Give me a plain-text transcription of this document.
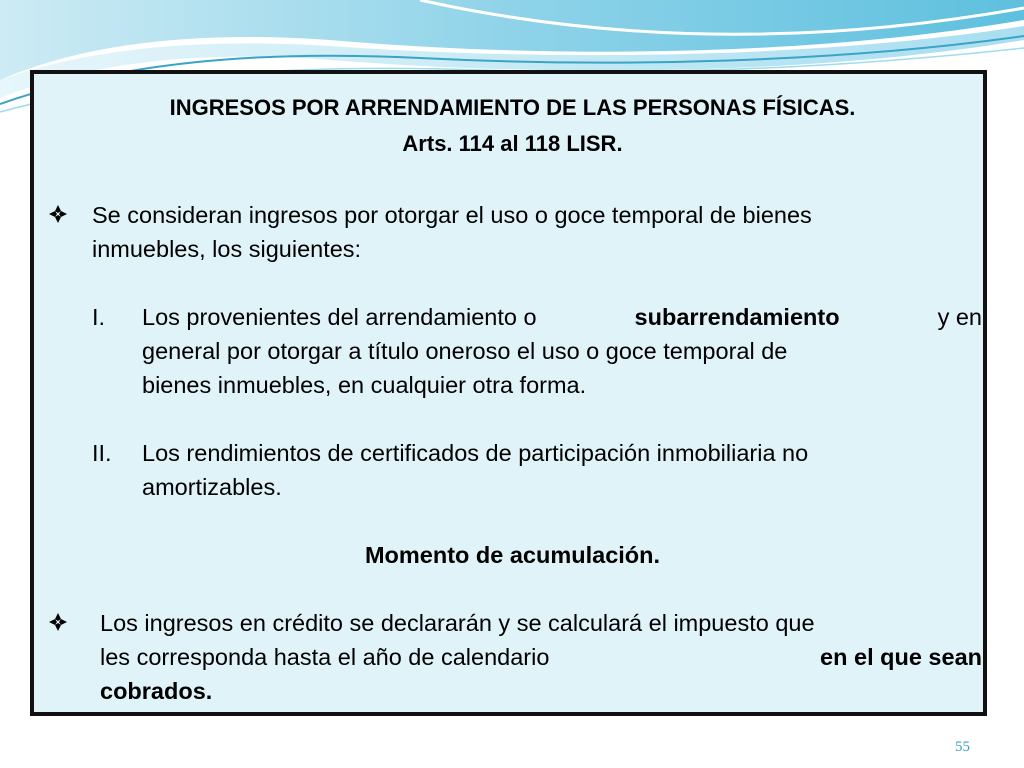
INGRESOS POR ARRENDAMIENTO DE LAS PERSONAS FÍSICAS.
Arts. 114 al 118 LISR.
Se consideran ingresos por otorgar el uso o goce temporal de bienes
inmuebles, los siguientes:
I. Los provenientes del arrendamiento o	subarrendamiento	y en
general por otorgar a título oneroso el uso o goce temporal de
bienes inmuebles, en cualquier otra forma.
II. Los rendimientos de certificados de participación inmobiliaria no
amortizables.
Momento de acumulación.
Los ingresos en crédito se declararán y se calculará el impuesto que
les corresponda hasta el año de calendario	en el que sean
cobrados.
55
